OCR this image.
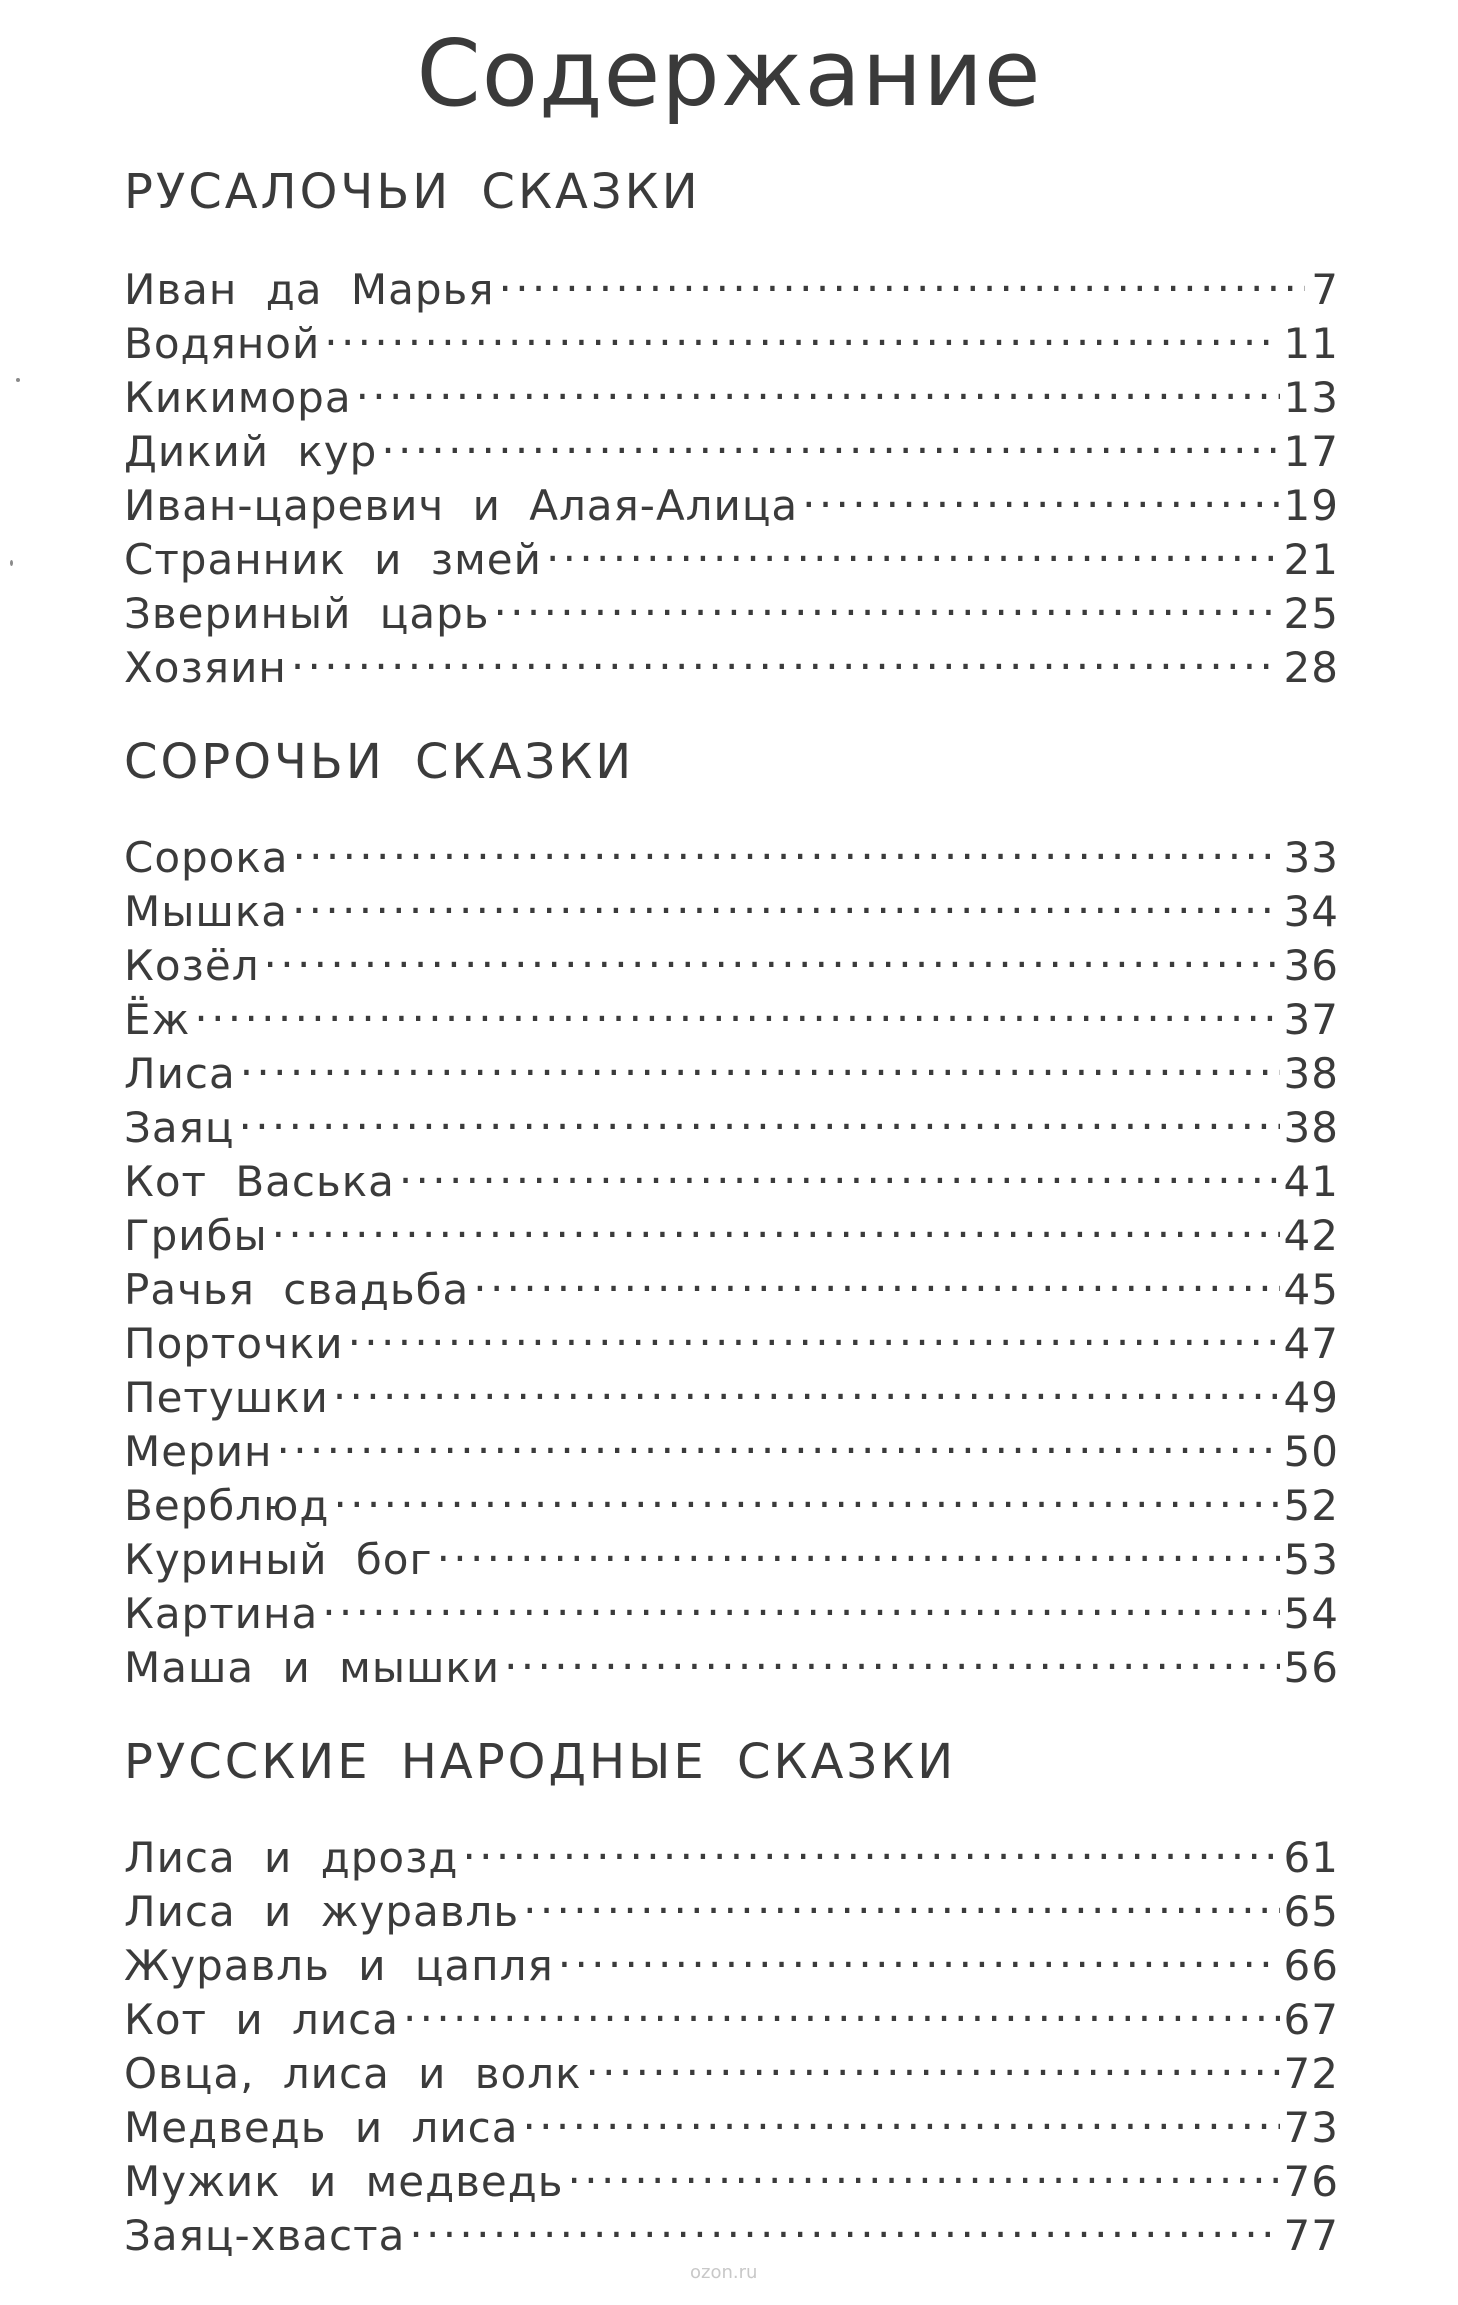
Содержание
РУСАЛОЧЬИ СКАЗКИ
Иван да Марья . . .	7
Водяной . . .	11
Кикимора . . .	13
Дикий кур . . .	17
Иван-царевич и Алая-Алица . . .	19
Странник и змей . . .	21
Звериный царь . . .	25
Хозяин . . .	28
СОРОЧЬИ СКАЗКИ
Сорока . . .	33
Мышка . . .	34
Козёл . . .	36
Ёж . . .	37
Лиса . . .	38
Заяц . . .	38
Кот Васька . . .	41
Грибы . . .	42
Рачья свадьба . . .	45
Порточки . . .	47
Петушки . . .	49
Мерин . . .	50
Верблюд . . .	52
Куриный бог . . .	53
Картина . . .	54
Маша и мышки . . .	56
РУССКИЕ НАРОДНЫЕ СКАЗКИ
Лиса и дрозд . . .	61
Лиса и журавль . . .	65
Журавль и цапля . . .	66
Кот и лиса . . .	67
Овца, лиса и волк . . .	72
Медведь и лиса . . .	73
Мужик и медведь . . .	76
Заяц-хваста . . .	77
ozon.ru
